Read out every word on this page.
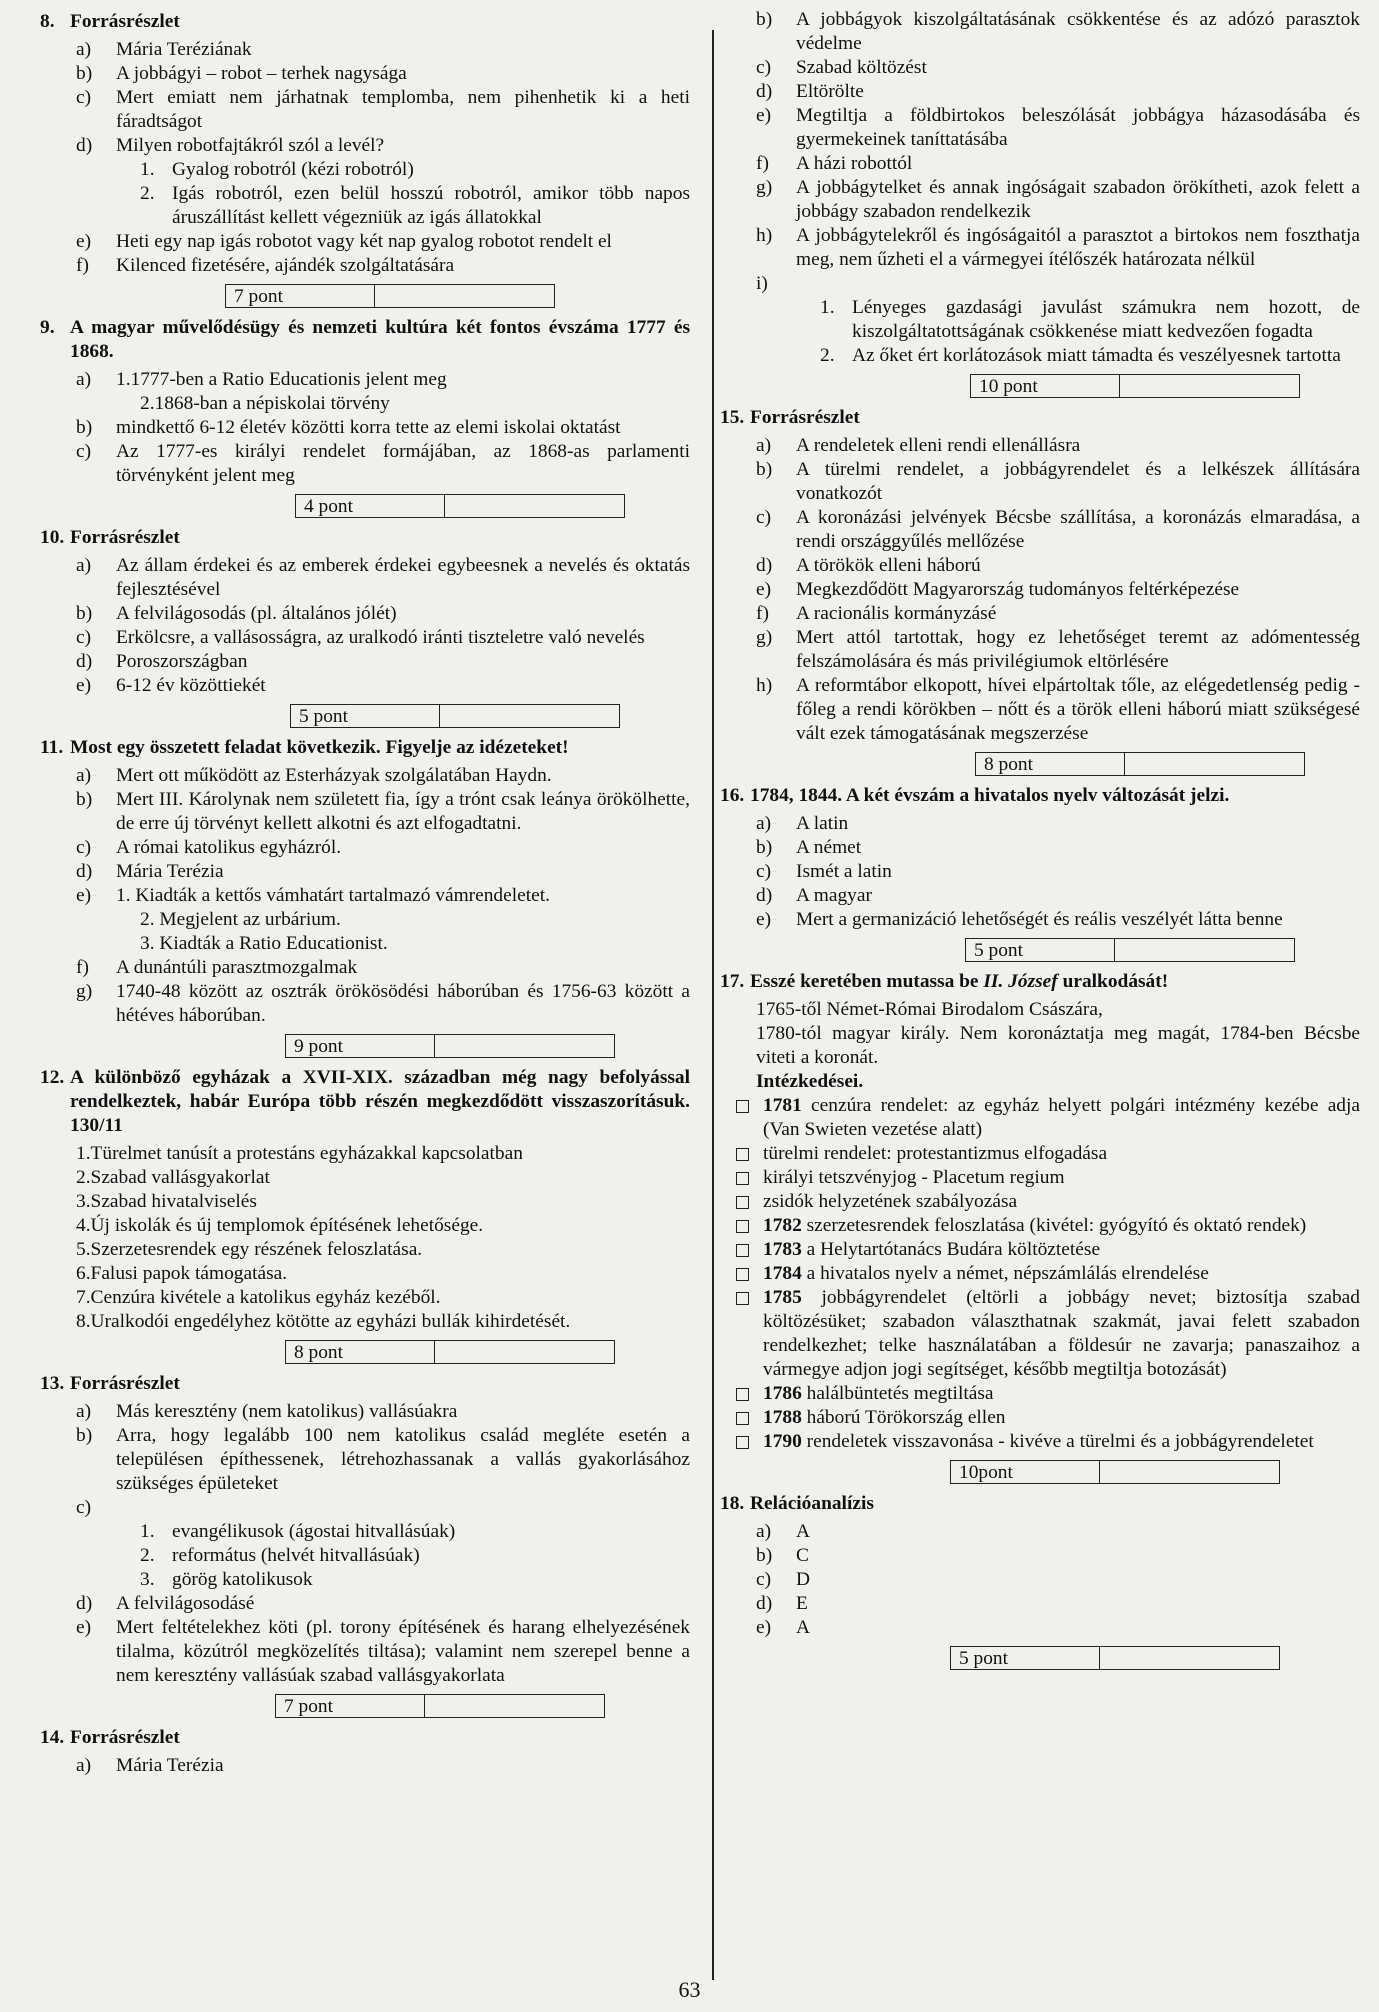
8. Forrásrészlet
a)	Mária Teréziának
b)	A jobbágyi – robot – terhek nagysága
c)	Mert emiatt nem járhatnak templomba, nem pihenhetik ki a heti fáradtságot
d)	Milyen robotfajtákról szól a levél?
1. Gyalog robotról (kézi robotról)
2. Igás robotról, ezen belül hosszú robotról, amikor több napos áruszállítást kellett végezniük az igás állatokkal
e)	Heti egy nap igás robotot vagy két nap gyalog robotot rendelt el
f)	Kilenced fizetésére, ajándék szolgáltatására
7 pont
9. A magyar művelődésügy és nemzeti kultúra két fontos évszáma 1777 és 1868.
a)	1.1777-ben a Ratio Educationis jelent meg
2.1868-ban a népiskolai törvény
b)	mindkettő 6-12 életév közötti korra tette az elemi iskolai oktatást
c)	Az 1777-es királyi rendelet formájában, az 1868-as parlamenti törvényként jelent meg
4 pont
10. Forrásrészlet
a)	Az állam érdekei és az emberek érdekei egybeesnek a nevelés és oktatás fejlesztésével
b)	A felvilágosodás (pl. általános jólét)
c)	Erkölcsre, a vallásosságra, az uralkodó iránti tiszteletre való nevelés
d)	Poroszországban
e)	6-12 év közöttiekét
5 pont
11. Most egy összetett feladat következik. Figyelje az idézeteket!
a)	Mert ott működött az Esterházyak szolgálatában Haydn.
b)	Mert III. Károlynak nem született fia, így a trónt csak leánya örökölhette, de erre új törvényt kellett alkotni és azt elfogadtatni.
c)	A római katolikus egyházról.
d)	Mária Terézia
e)	1. Kiadták a kettős vámhatárt tartalmazó vámrendeletet.
2. Megjelent az urbárium.
3. Kiadták a Ratio Educationist.
f)	A dunántúli parasztmozgalmak
g)	1740-48 között az osztrák örökösödési háborúban és 1756-63 között a hétéves háborúban.
9 pont
12. A különböző egyházak a XVII-XIX. században még nagy befolyással rendelkeztek, habár Európa több részén megkezdődött visszaszorításuk. 130/11
1.Türelmet tanúsít a protestáns egyházakkal kapcsolatban
2.Szabad vallásgyakorlat
3.Szabad hivatalviselés
4.Új iskolák és új templomok építésének lehetősége.
5.Szerzetesrendek egy részének feloszlatása.
6.Falusi papok támogatása.
7.Cenzúra kivétele a katolikus egyház kezéből.
8.Uralkodói engedélyhez kötötte az egyházi bullák kihirdetését.
8 pont
13. Forrásrészlet
a)	Más keresztény (nem katolikus) vallásúakra
b)	Arra, hogy legalább 100 nem katolikus család megléte esetén a településen építhessenek, létrehozhassanak a vallás gyakorlásához szükséges épületeket
c)
1. evangélikusok (ágostai hitvallásúak)
2. református (helvét hitvallásúak)
3. görög katolikusok
d)	A felvilágosodásé
e)	Mert feltételekhez köti (pl. torony építésének és harang elhelyezésének tilalma, közútról megközelítés tiltása); valamint nem szerepel benne a nem keresztény vallásúak szabad vallásgyakorlata
7 pont
14. Forrásrészlet
a)	Mária Terézia
b)	A jobbágyok kiszolgáltatásának csökkentése és az adózó parasztok védelme
c)	Szabad költözést
d)	Eltörölte
e)	Megtiltja a földbirtokos beleszólását jobbágya házasodásába és gyermekeinek taníttatásába
f)	A házi robottól
g)	A jobbágytelket és annak ingóságait szabadon örökítheti, azok felett a jobbágy szabadon rendelkezik
h)	A jobbágytelekről és ingóságaitól a parasztot a birtokos nem foszthatja meg, nem űzheti el a vármegyei ítélőszék határozata nélkül
i)
1. Lényeges gazdasági javulást számukra nem hozott, de kiszolgáltatottságának csökkenése miatt kedvezően fogadta
2. Az őket ért korlátozások miatt támadta és veszélyesnek tartotta
10 pont
15. Forrásrészlet
a)	A rendeletek elleni rendi ellenállásra
b)	A türelmi rendelet, a jobbágyrendelet és a lelkészek állítására vonatkozót
c)	A koronázási jelvények Bécsbe szállítása, a koronázás elmaradása, a rendi országgyűlés mellőzése
d)	A törökök elleni háború
e)	Megkezdődött Magyarország tudományos feltérképezése
f)	A racionális kormányzásé
g)	Mert attól tartottak, hogy ez lehetőséget teremt az adómentesség felszámolására és más privilégiumok eltörlésére
h)	A reformtábor elkopott, hívei elpártoltak tőle, az elégedetlenség pedig - főleg a rendi körökben – nőtt és a török elleni háború miatt szükségesé vált ezek támogatásának megszerzése
8 pont
16. 1784, 1844. A két évszám a hivatalos nyelv változását jelzi.
a)	A latin
b)	A német
c)	Ismét a latin
d)	A magyar
e)	Mert a germanizáció lehetőségét és reális veszélyét látta benne
5 pont
17. Esszé keretében mutassa be II. József uralkodását!
1765-től Német-Római Birodalom Császára,
1780-tól magyar király. Nem koronáztatja meg magát, 1784-ben Bécsbe viteti a koronát.
Intézkedései.
1781 cenzúra rendelet: az egyház helyett polgári intézmény kezébe adja (Van Swieten vezetése alatt)
türelmi rendelet: protestantizmus elfogadása
királyi tetszvényjog - Placetum regium
zsidók helyzetének szabályozása
1782 szerzetesrendek feloszlatása (kivétel: gyógyító és oktató rendek)
1783 a Helytartótanács Budára költöztetése
1784 a hivatalos nyelv a német, népszámlálás elrendelése
1785 jobbágyrendelet (eltörli a jobbágy nevet; biztosítja szabad költözésüket; szabadon választhatnak szakmát, javai felett szabadon rendelkezhet; telke használatában a földesúr ne zavarja; panaszaihoz a vármegye adjon jogi segítséget, később megtiltja botozását)
1786 halálbüntetés megtiltása
1788 háború Törökország ellen
1790 rendeletek visszavonása - kivéve a türelmi és a jobbágyrendeletet
10pont
18. Relációanalízis
a)	A
b)	C
c)	D
d)	E
e)	A
5 pont
63
